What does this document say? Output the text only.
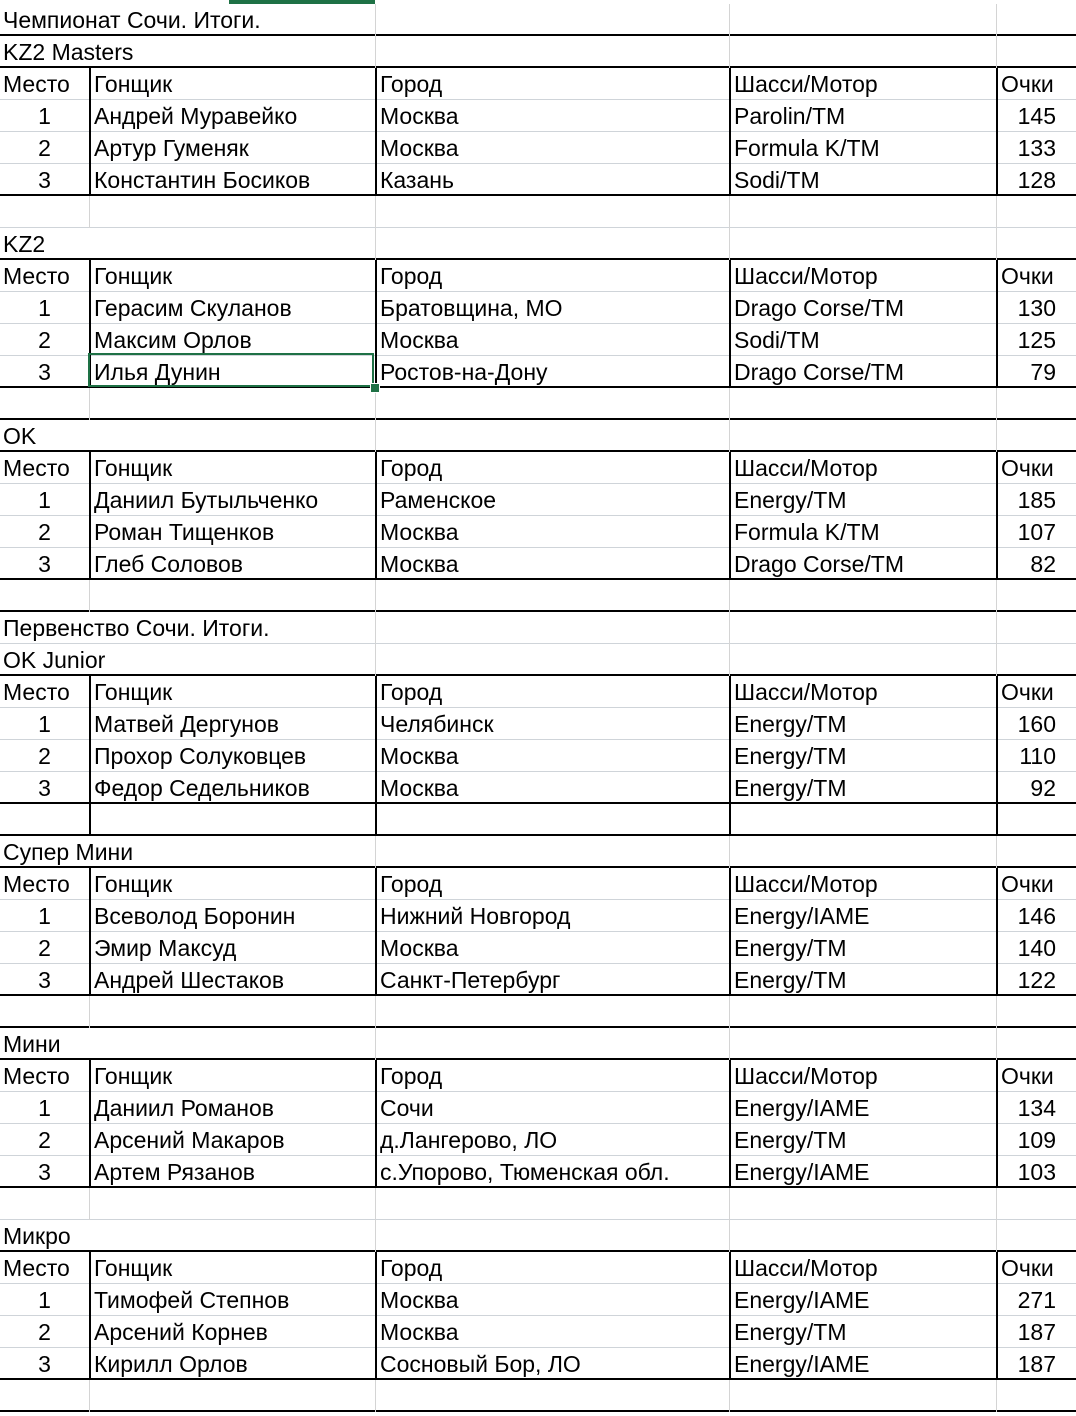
Чемпионат Сочи. Итоги.
KZ2 Masters
Место	Гонщик	Город	Шасси/Мотор	Очки
1	Андрей Муравейко	Москва	Parolin/TM	145
2	Артур Гуменяк	Москва	Formula K/TM	133
3	Константин Босиков	Казань	Sodi/TM	128
KZ2
Место	Гонщик	Город	Шасси/Мотор	Очки
1	Герасим Скуланов	Братовщина, МО	Drago Corse/TM	130
2	Максим Орлов	Москва	Sodi/TM	125
3	Илья Дунин	Ростов-на-Дону	Drago Corse/TM	79
OK
Место	Гонщик	Город	Шасси/Мотор	Очки
1	Даниил Бутыльченко	Раменское	Energy/TM	185
2	Роман Тищенков	Москва	Formula K/TM	107
3	Глеб Соловов	Москва	Drago Corse/TM	82
Первенство Сочи. Итоги.
OK Junior
Место	Гонщик	Город	Шасси/Мотор	Очки
1	Матвей Дергунов	Челябинск	Energy/TM	160
2	Прохор Солуковцев	Москва	Energy/TM	110
3	Федор Седельников	Москва	Energy/TM	92
Супер Мини
Место	Гонщик	Город	Шасси/Мотор	Очки
1	Всеволод Боронин	Нижний Новгород	Energy/IAME	146
2	Эмир Максуд	Москва	Energy/TM	140
3	Андрей Шестаков	Санкт-Петербург	Energy/TM	122
Мини
Место	Гонщик	Город	Шасси/Мотор	Очки
1	Даниил Романов	Сочи	Energy/IAME	134
2	Арсений Макаров	д.Лангерово, ЛО	Energy/TM	109
3	Артем Рязанов	с.Упорово, Тюменская обл.	Energy/IAME	103
Микро
Место	Гонщик	Город	Шасси/Мотор	Очки
1	Тимофей Степнов	Москва	Energy/IAME	271
2	Арсений Корнев	Москва	Energy/TM	187
3	Кирилл Орлов	Сосновый Бор, ЛО	Energy/IAME	187
